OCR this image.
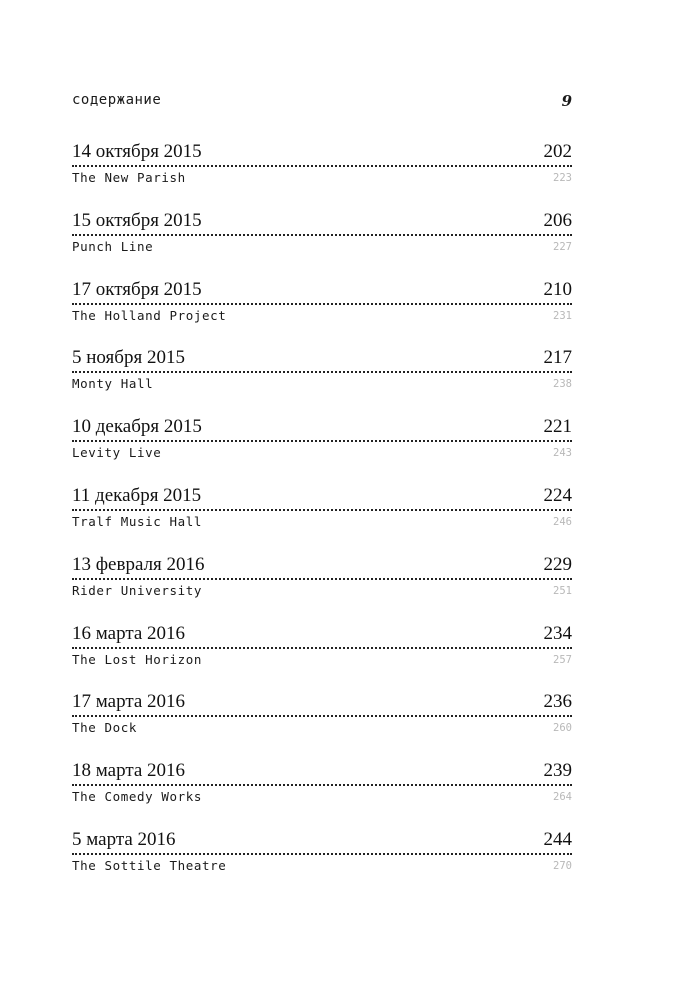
содержание	9
14 октября 2015	202
The New Parish	223
15 октября 2015	206
Punch Line	227
17 октября 2015	210
The Holland Project	231
5 ноября 2015	217
Monty Hall	238
10 декабря 2015	221
Levity Live	243
11 декабря 2015	224
Tralf Music Hall	246
13 февраля 2016	229
Rider University	251
16 марта 2016	234
The Lost Horizon	257
17 марта 2016	236
The Dock	260
18 марта 2016	239
The Comedy Works	264
5 марта 2016	244
The Sottile Theatre	270
